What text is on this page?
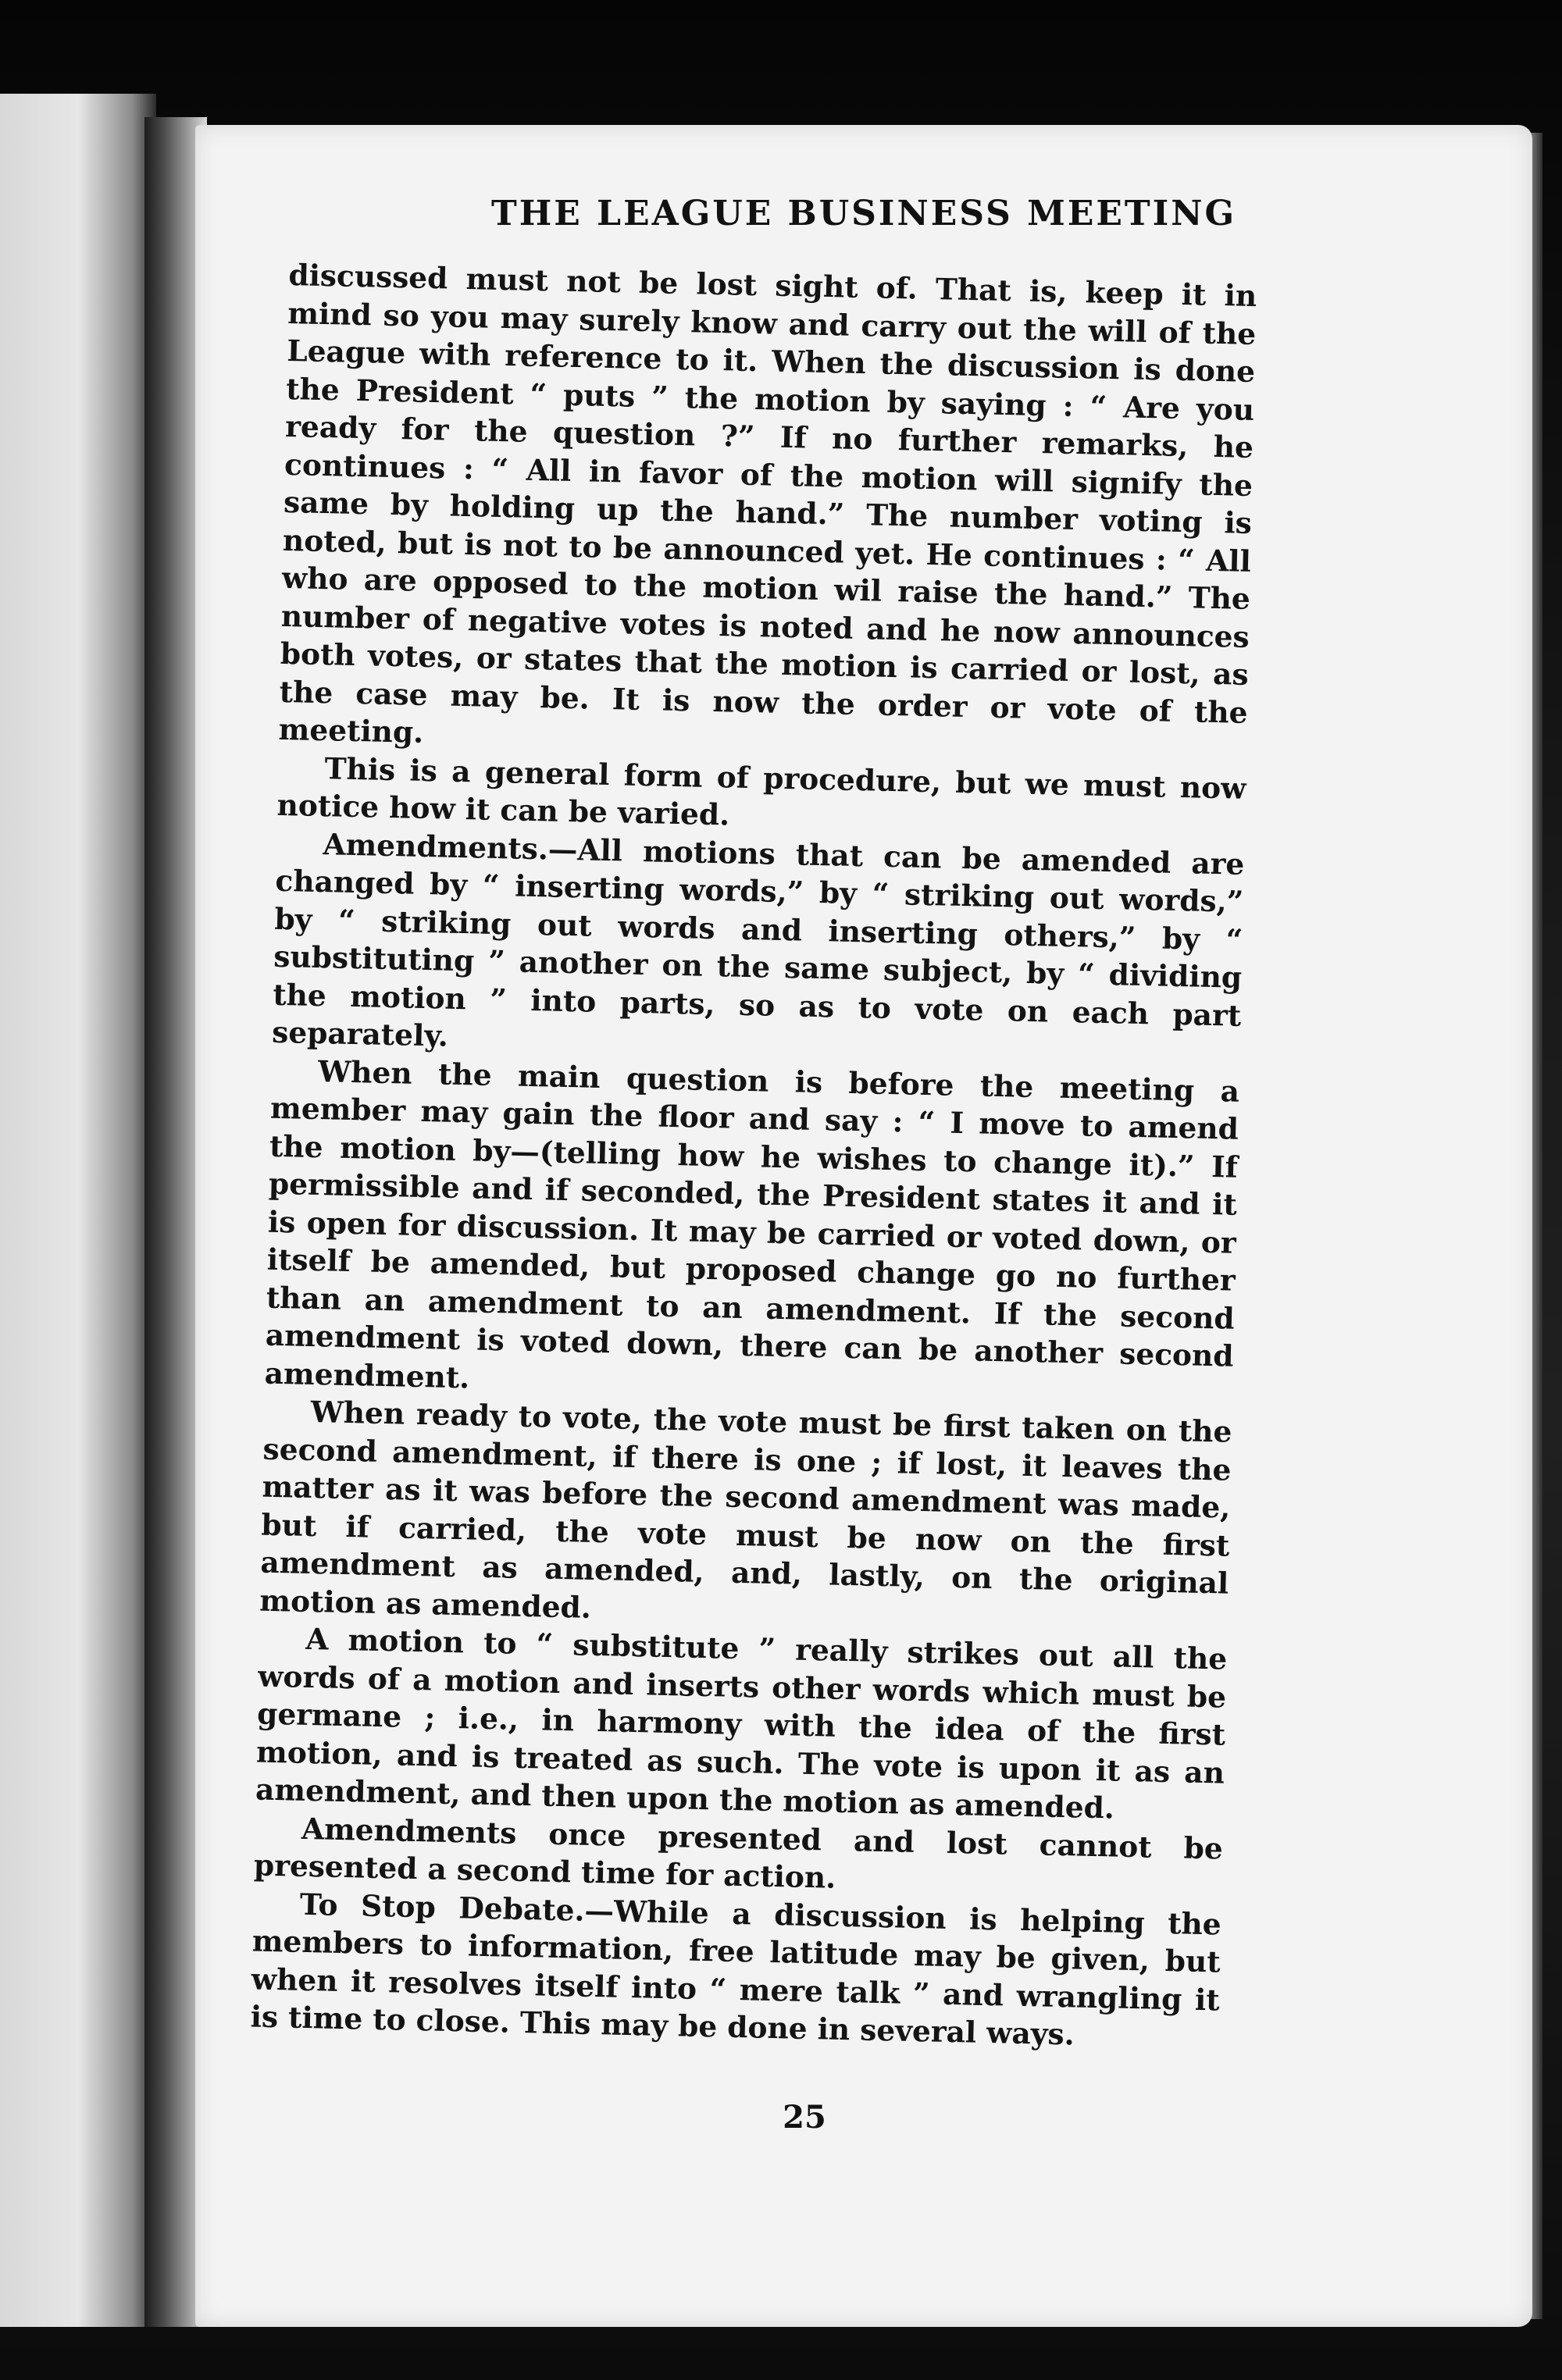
THE LEAGUE BUSINESS MEETING

discussed must not be lost sight of. That is, keep it in mind so you may surely know and carry out the will of the League with reference to it. When the discussion is done the President “ puts ” the motion by saying : “ Are you ready for the question ?” If no further remarks, he continues : “ All in favor of the motion will signify the same by holding up the hand.” The number voting is noted, but is not to be announced yet. He continues : “ All who are opposed to the motion wil raise the hand.” The number of negative votes is noted and he now announces both votes, or states that the motion is carried or lost, as the case may be. It is now the order or vote of the meeting.

This is a general form of procedure, but we must now notice how it can be varied.

Amendments.—All motions that can be amended are changed by “ inserting words,” by “ striking out words,” by “ striking out words and inserting others,” by “ substituting ” another on the same subject, by “ dividing the motion ” into parts, so as to vote on each part separately.

When the main question is before the meeting a member may gain the floor and say : “ I move to amend the motion by—(telling how he wishes to change it).” If permissible and if seconded, the President states it and it is open for discussion. It may be carried or voted down, or itself be amended, but proposed change go no further than an amendment to an amendment. If the second amendment is voted down, there can be another second amendment.

When ready to vote, the vote must be first taken on the second amendment, if there is one ; if lost, it leaves the matter as it was before the second amendment was made, but if carried, the vote must be now on the first amendment as amended, and, lastly, on the original motion as amended.

A motion to “ substitute ” really strikes out all the words of a motion and inserts other words which must be germane ; i.e., in harmony with the idea of the first motion, and is treated as such. The vote is upon it as an amendment, and then upon the motion as amended.

Amendments once presented and lost cannot be presented a second time for action.

To Stop Debate.—While a discussion is helping the members to information, free latitude may be given, but when it resolves itself into “ mere talk ” and wrangling it is time to close. This may be done in several ways.

25
